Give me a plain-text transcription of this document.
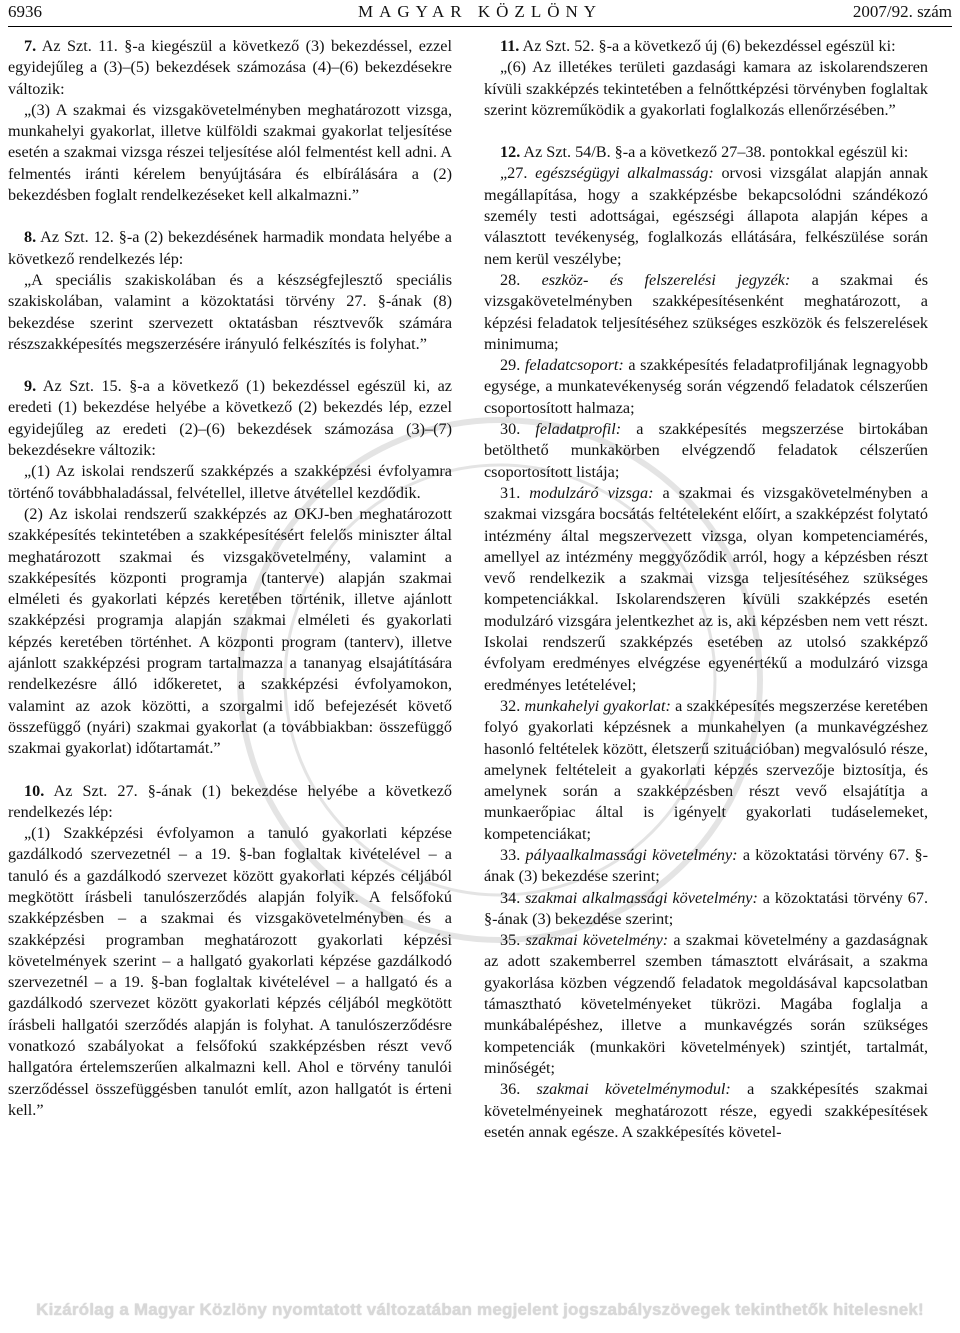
6936	MAGYAR KÖZLÖNY	2007/92. szám

7. Az Szt. 11. §-a kiegészül a következő (3) bekezdéssel, ezzel egyidejűleg a (3)–(5) bekezdések számozása (4)–(6) bekezdésekre változik:

„(3) A szakmai és vizsgakövetelményben meghatározott vizsga, munkahelyi gyakorlat, illetve külföldi szakmai gyakorlat teljesítése esetén a szakmai vizsga részei teljesítése alól felmentést kell adni. A felmentés iránti kérelem benyújtására és elbírálására a (2) bekezdésben foglalt rendelkezéseket kell alkalmazni.”

8. Az Szt. 12. §-a (2) bekezdésének harmadik mondata helyébe a következő rendelkezés lép:

„A speciális szakiskolában és a készségfejlesztő speciális szakiskolában, valamint a közoktatási törvény 27. §-ának (8) bekezdése szerint szervezett oktatásban résztvevők számára részszakképesítés megszerzésére irányuló felkészítés is folyhat.”

9. Az Szt. 15. §-a a következő (1) bekezdéssel egészül ki, az eredeti (1) bekezdése helyébe a következő (2) bekezdés lép, ezzel egyidejűleg az eredeti (2)–(6) bekezdések számozása (3)–(7) bekezdésekre változik:

„(1) Az iskolai rendszerű szakképzés a szakképzési évfolyamra történő továbbhaladással, felvétellel, illetve átvétellel kezdődik.

(2) Az iskolai rendszerű szakképzés az OKJ-ben meghatározott szakképesítés tekintetében a szakképesítésért felelős miniszter által meghatározott szakmai és vizsgakövetelmény, valamint a szakképesítés központi programja (tanterve) alapján szakmai elméleti és gyakorlati képzés keretében történik, illetve ajánlott szakképzési programja alapján szakmai elméleti és gyakorlati képzés keretében történhet. A központi program (tanterv), illetve ajánlott szakképzési program tartalmazza a tananyag elsajátítására rendelkezésre álló időkeretet, a szakképzési évfolyamokon, valamint az azok közötti, a szorgalmi idő befejezését követő összefüggő (nyári) szakmai gyakorlat (a továbbiakban: összefüggő szakmai gyakorlat) időtartamát.”

10. Az Szt. 27. §-ának (1) bekezdése helyébe a következő rendelkezés lép:

„(1) Szakképzési évfolyamon a tanuló gyakorlati képzése gazdálkodó szervezetnél – a 19. §-ban foglaltak kivételével – a tanuló és a gazdálkodó szervezet között gyakorlati képzés céljából megkötött írásbeli tanulószerződés alapján folyik. A felsőfokú szakképzésben – a szakmai és vizsgakövetelményben és a szakképzési programban meghatározott gyakorlati képzési követelmények szerint – a hallgató gyakorlati képzése gazdálkodó szervezetnél – a 19. §-ban foglaltak kivételével – a hallgató és a gazdálkodó szervezet között gyakorlati képzés céljából megkötött írásbeli hallgatói szerződés alapján is folyhat. A tanulószerződésre vonatkozó szabályokat a felsőfokú szakképzésben részt vevő hallgatóra értelemszerűen alkalmazni kell. Ahol e törvény tanulói szerződéssel összefüggésben tanulót említ, azon hallgatót is érteni kell.”

11. Az Szt. 52. §-a a következő új (6) bekezdéssel egészül ki:

„(6) Az illetékes területi gazdasági kamara az iskolarendszeren kívüli szakképzés tekintetében a felnőttképzési törvényben foglaltak szerint közreműködik a gyakorlati foglalkozás ellenőrzésében.”

12. Az Szt. 54/B. §-a a következő 27–38. pontokkal egészül ki:

„27. egészségügyi alkalmasság: orvosi vizsgálat alapján annak megállapítása, hogy a szakképzésbe bekapcsolódni szándékozó személy testi adottságai, egészségi állapota alapján képes a választott tevékenység, foglalkozás ellátására, felkészülése során nem kerül veszélybe;

28. eszköz- és felszerelési jegyzék: a szakmai és vizsgakövetelményben szakképesítésenként meghatározott, a képzési feladatok teljesítéséhez szükséges eszközök és felszerelések minimuma;

29. feladatcsoport: a szakképesítés feladatprofiljának legnagyobb egysége, a munkatevékenység során végzendő feladatok célszerűen csoportosított halmaza;

30. feladatprofil: a szakképesítés megszerzése birtokában betölthető munkakörben elvégzendő feladatok célszerűen csoportosított listája;

31. modulzáró vizsga: a szakmai és vizsgakövetelményben a szakmai vizsgára bocsátás feltételeként előírt, a szakképzést folytató intézmény által megszervezett vizsga, olyan kompetenciamérés, amellyel az intézmény meggyőződik arról, hogy a képzésben részt vevő rendelkezik a szakmai vizsga teljesítéséhez szükséges kompetenciákkal. Iskolarendszeren kívüli szakképzés esetén modulzáró vizsgára jelentkezhet az is, aki képzésben nem vett részt. Iskolai rendszerű szakképzés esetében az utolsó szakképző évfolyam eredményes elvégzése egyenértékű a modulzáró vizsga eredményes letételével;

32. munkahelyi gyakorlat: a szakképesítés megszerzése keretében folyó gyakorlati képzésnek a munkahelyen (a munkavégzéshez hasonló feltételek között, életszerű szituációban) megvalósuló része, amelynek feltételeit a gyakorlati képzés szervezője biztosítja, és amelynek során a szakképzésben részt vevő elsajátítja a munkaerőpiac által is igényelt gyakorlati tudáselemeket, kompetenciákat;

33. pályaalkalmassági követelmény: a közoktatási törvény 67. §-ának (3) bekezdése szerint;

34. szakmai alkalmassági követelmény: a közoktatási törvény 67. §-ának (3) bekezdése szerint;

35. szakmai követelmény: a szakmai követelmény a gazdaságnak az adott szakemberrel szemben támasztott elvárásait, a szakma gyakorlása közben végzendő feladatok megoldásával kapcsolatban támasztható követelményeket tükrözi. Magába foglalja a munkábalépéshez, illetve a munkavégzés során szükséges kompetenciák (munkaköri követelmények) szintjét, tartalmát, minőségét;

36. szakmai követelménymodul: a szakképesítés szakmai követelményeinek meghatározott része, egyedi szakképesítések esetén annak egésze. A szakképesítés követel-

Kizárólag a Magyar Közlöny nyomtatott változatában megjelent jogszabályszövegek tekinthetők hitelesnek!
